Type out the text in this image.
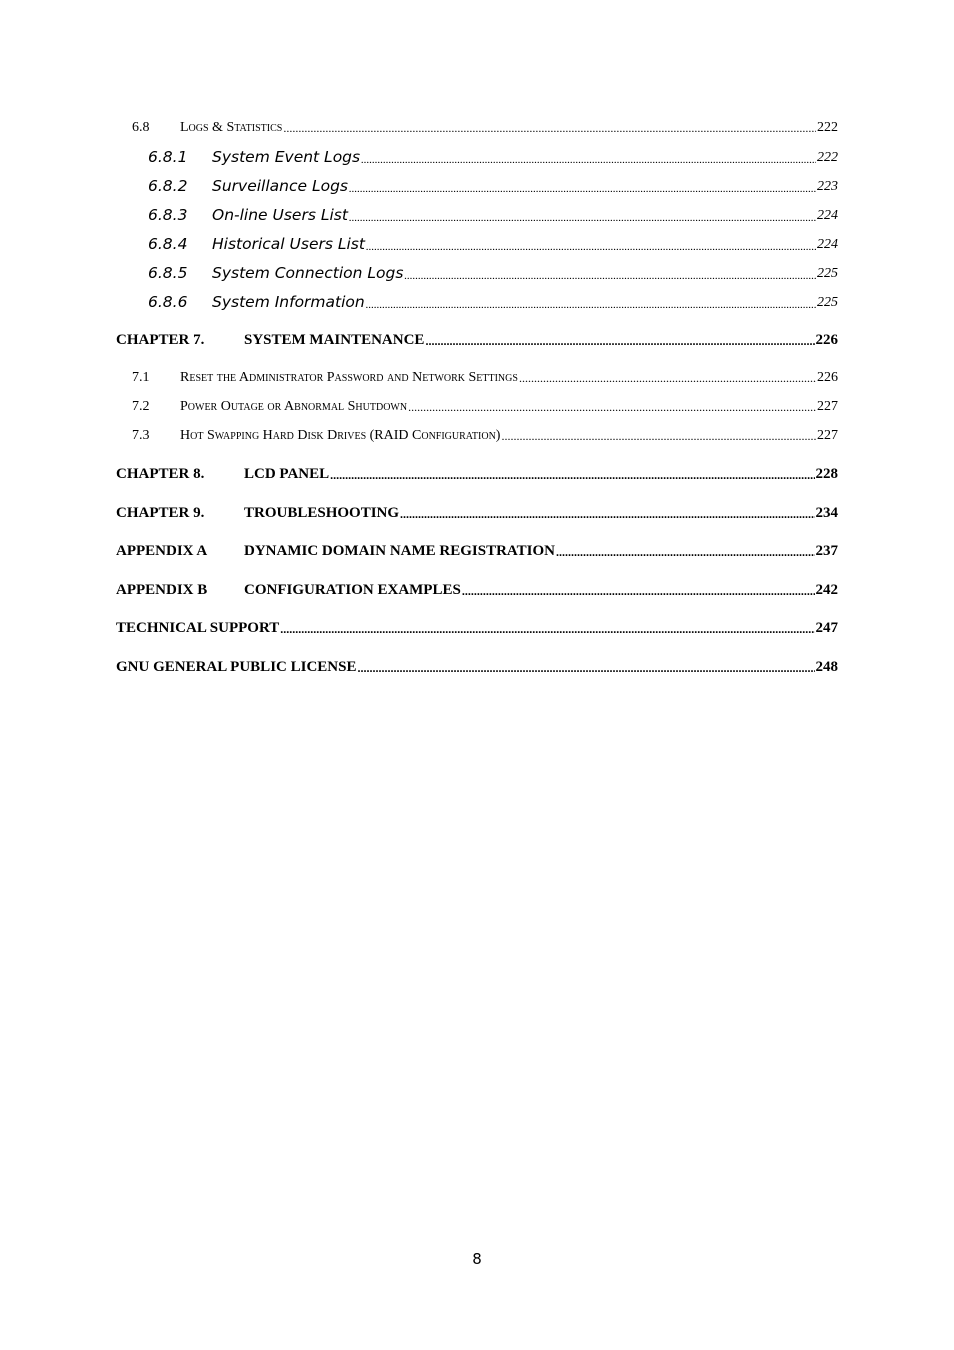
6.8	Logs & Statistics .....	222
6.8.1	System Event Logs .....	222
6.8.2	Surveillance Logs .....	223
6.8.3	On-line Users List .....	224
6.8.4	Historical Users List .....	224
6.8.5	System Connection Logs .....	225
6.8.6	System Information .....	225
CHAPTER 7.	SYSTEM MAINTENANCE .....	226
7.1	Reset the Administrator Password and Network Settings .....	226
7.2	Power Outage or Abnormal Shutdown .....	227
7.3	Hot Swapping Hard Disk Drives (RAID Configuration) .....	227
CHAPTER 8.	LCD PANEL .....	228
CHAPTER 9.	TROUBLESHOOTING .....	234
APPENDIX A	DYNAMIC DOMAIN NAME REGISTRATION .....	237
APPENDIX B	CONFIGURATION EXAMPLES .....	242
TECHNICAL SUPPORT .....	247
GNU GENERAL PUBLIC LICENSE .....	248
8
